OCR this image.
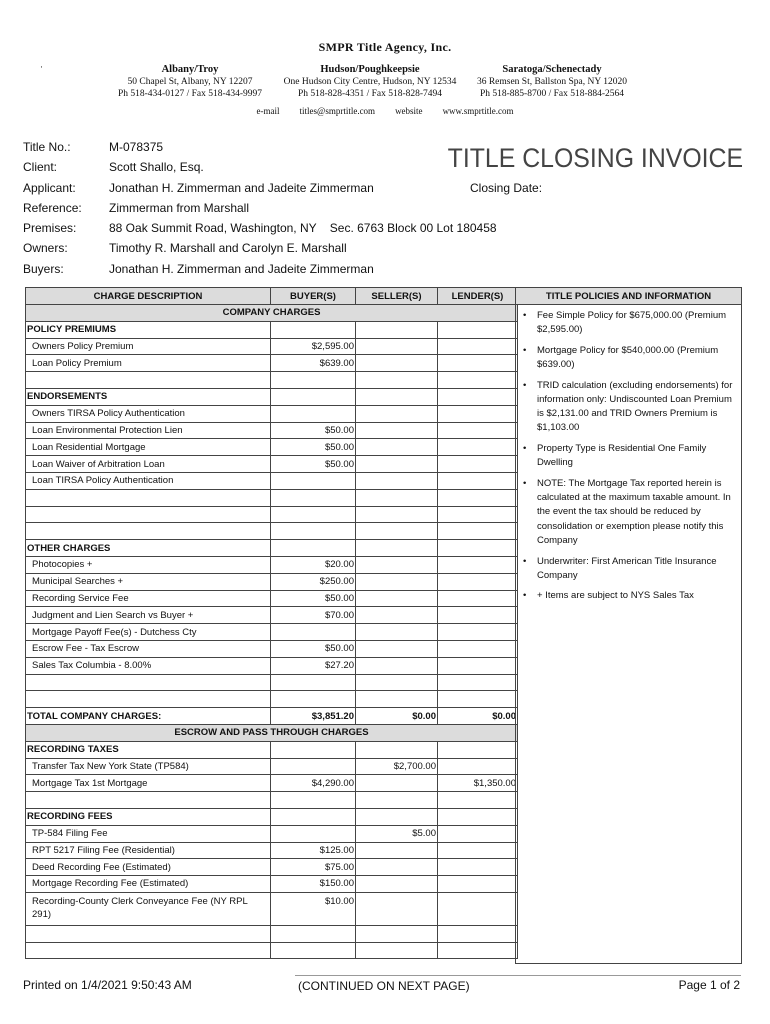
SMPR Title Agency, Inc.
·	Albany/Troy
50 Chapel St, Albany, NY 12207
Ph 518-434-0127 / Fax 518-434-9997
Hudson/Poughkeepsie
One Hudson City Centre, Hudson, NY 12534
Ph 518-828-4351 / Fax 518-828-7494
Saratoga/Schenectady
36 Remsen St, Ballston Spa, NY 12020
Ph 518-885-8700 / Fax 518-884-2564
e-mail titles@smprtitle.com website www.smprtitle.com
Title No.:	M-078375
Client:	Scott Shallo, Esq.
Applicant:	Jonathan H. Zimmerman and Jadeite Zimmerman
Reference:	Zimmerman from Marshall
Premises:	88 Oak Summit Road, Washington, NY    Sec. 6763 Block 00 Lot 180458
Owners:	Timothy R. Marshall and Carolyn E. Marshall
Buyers:	Jonathan H. Zimmerman and Jadeite Zimmerman
TITLE CLOSING INVOICE
Closing Date:
CHARGE DESCRIPTION	BUYER(S)	SELLER(S)	LENDER(S)
COMPANY CHARGES			
POLICY PREMIUMS			
Owners Policy Premium	$2,595.00		
Loan Policy Premium	$639.00		

ENDORSEMENTS			
Owners TIRSA Policy Authentication			
Loan Environmental Protection Lien	$50.00		
Loan Residential Mortgage	$50.00		
Loan Waiver of Arbitration Loan	$50.00		
Loan TIRSA Policy Authentication			

OTHER CHARGES			
Photocopies +	$20.00		
Municipal Searches +	$250.00		
Recording Service Fee	$50.00		
Judgment and Lien Search vs Buyer +	$70.00		
Mortgage Payoff Fee(s) - Dutchess Cty			
Escrow Fee - Tax Escrow	$50.00		
Sales Tax Columbia - 8.00%	$27.20		

TOTAL COMPANY CHARGES:	$3,851.20	$0.00	$0.00
ESCROW AND PASS THROUGH CHARGES			
RECORDING TAXES			
Transfer Tax New York State (TP584)		$2,700.00	
Mortgage Tax 1st Mortgage	$4,290.00		$1,350.00

RECORDING FEES			
TP-584 Filing Fee		$5.00	
RPT 5217 Filing Fee (Residential)	$125.00		
Deed Recording Fee (Estimated)	$75.00		
Mortgage Recording Fee (Estimated)	$150.00		
Recording-County Clerk Conveyance Fee (NY RPL 291)	$10.00		

TITLE POLICIES AND INFORMATION
• Fee Simple Policy for $675,000.00 (Premium $2,595.00)
• Mortgage Policy for $540,000.00 (Premium $639.00)
• TRID calculation (excluding endorsements) for information only: Undiscounted Loan Premium is $2,131.00 and TRID Owners Premium is $1,103.00
• Property Type is Residential One Family Dwelling
• NOTE: The Mortgage Tax reported herein is calculated at the maximum taxable amount. In the event the tax should be reduced by consolidation or exemption please notify this Company
• Underwriter: First American Title Insurance Company
• + Items are subject to NYS Sales Tax
Printed on 1/4/2021 9:50:43 AM	(CONTINUED ON NEXT PAGE)	Page 1 of 2
